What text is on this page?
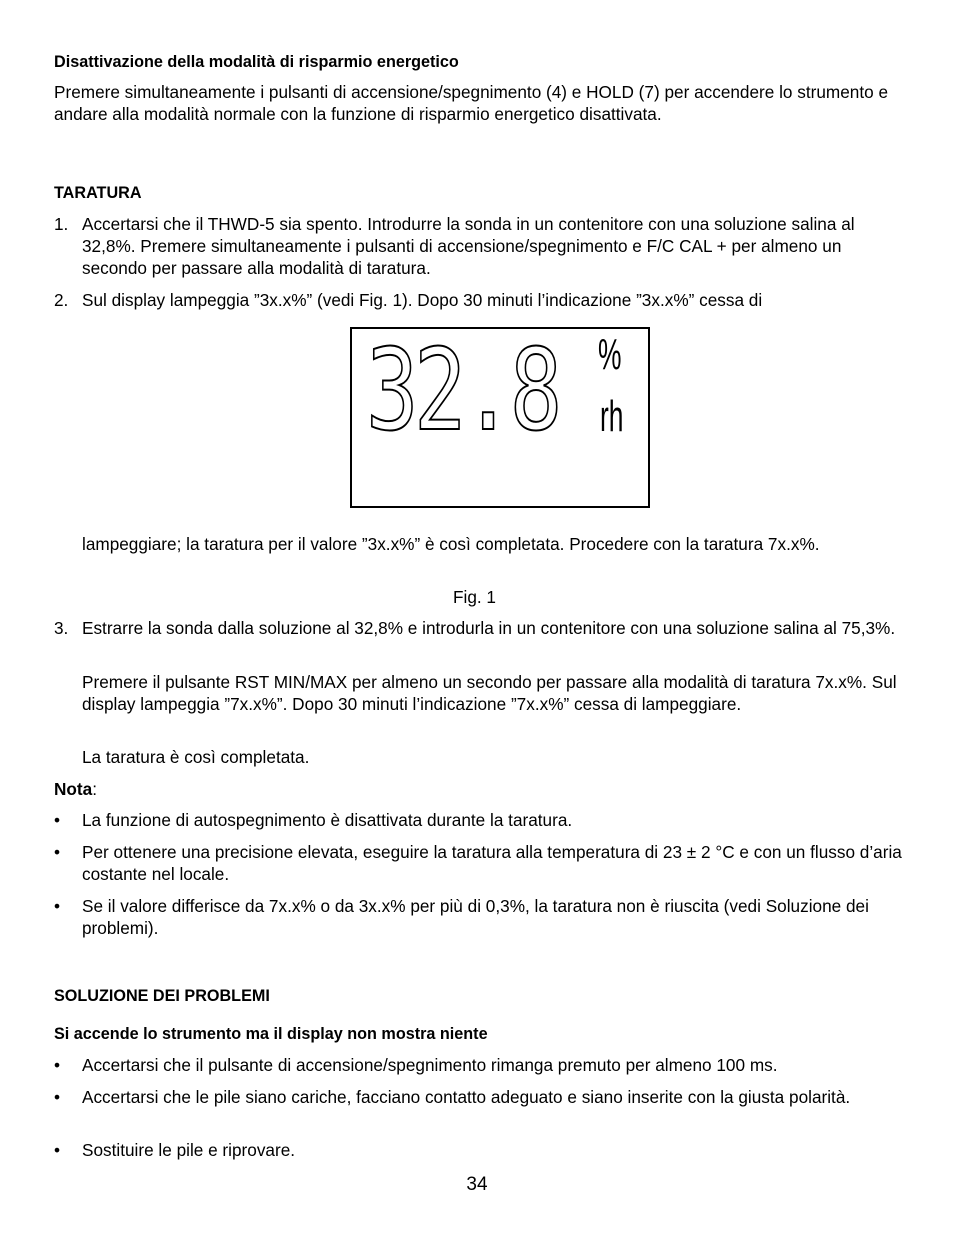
Disattivazione della modalità di risparmio energetico
Premere simultaneamente i pulsanti di accensione/spegnimento (4) e HOLD (7) per accendere lo strumento e andare alla modalità normale con la funzione di risparmio energetico disattivata.
TARATURA
1. Accertarsi che il THWD-5 sia spento. Introdurre la sonda in un contenitore con una soluzione salina al 32,8%. Premere simultaneamente i pulsanti di accensione/spegnimento e F/C CAL + per almeno un secondo per passare alla modalità di taratura.
2. Sul display lampeggia ”3x.x%” (vedi Fig. 1). Dopo 30 minuti l’indicazione ”3x.x%” cessa di
32.8 %
rh
lampeggiare; la taratura per il valore ”3x.x%” è così completata. Procedere con la taratura 7x.x%.
Fig. 1
3. Estrarre la sonda dalla soluzione al 32,8% e introdurla in un contenitore con una soluzione salina al 75,3%.
Premere il pulsante RST MIN/MAX per almeno un secondo per passare alla modalità di taratura 7x.x%. Sul display lampeggia ”7x.x%”. Dopo 30 minuti l’indicazione ”7x.x%” cessa di lampeggiare.
La taratura è così completata.
Nota:
• La funzione di autospegnimento è disattivata durante la taratura.
• Per ottenere una precisione elevata, eseguire la taratura alla temperatura di 23 ± 2 °C e con un flusso d’aria costante nel locale.
• Se il valore differisce da 7x.x% o da 3x.x% per più di 0,3%, la taratura non è riuscita (vedi Soluzione dei problemi).
SOLUZIONE DEI PROBLEMI
Si accende lo strumento ma il display non mostra niente
• Accertarsi che il pulsante di accensione/spegnimento rimanga premuto per almeno 100 ms.
• Accertarsi che le pile siano cariche, facciano contatto adeguato e siano inserite con la giusta polarità.
• Sostituire le pile e riprovare.
34
